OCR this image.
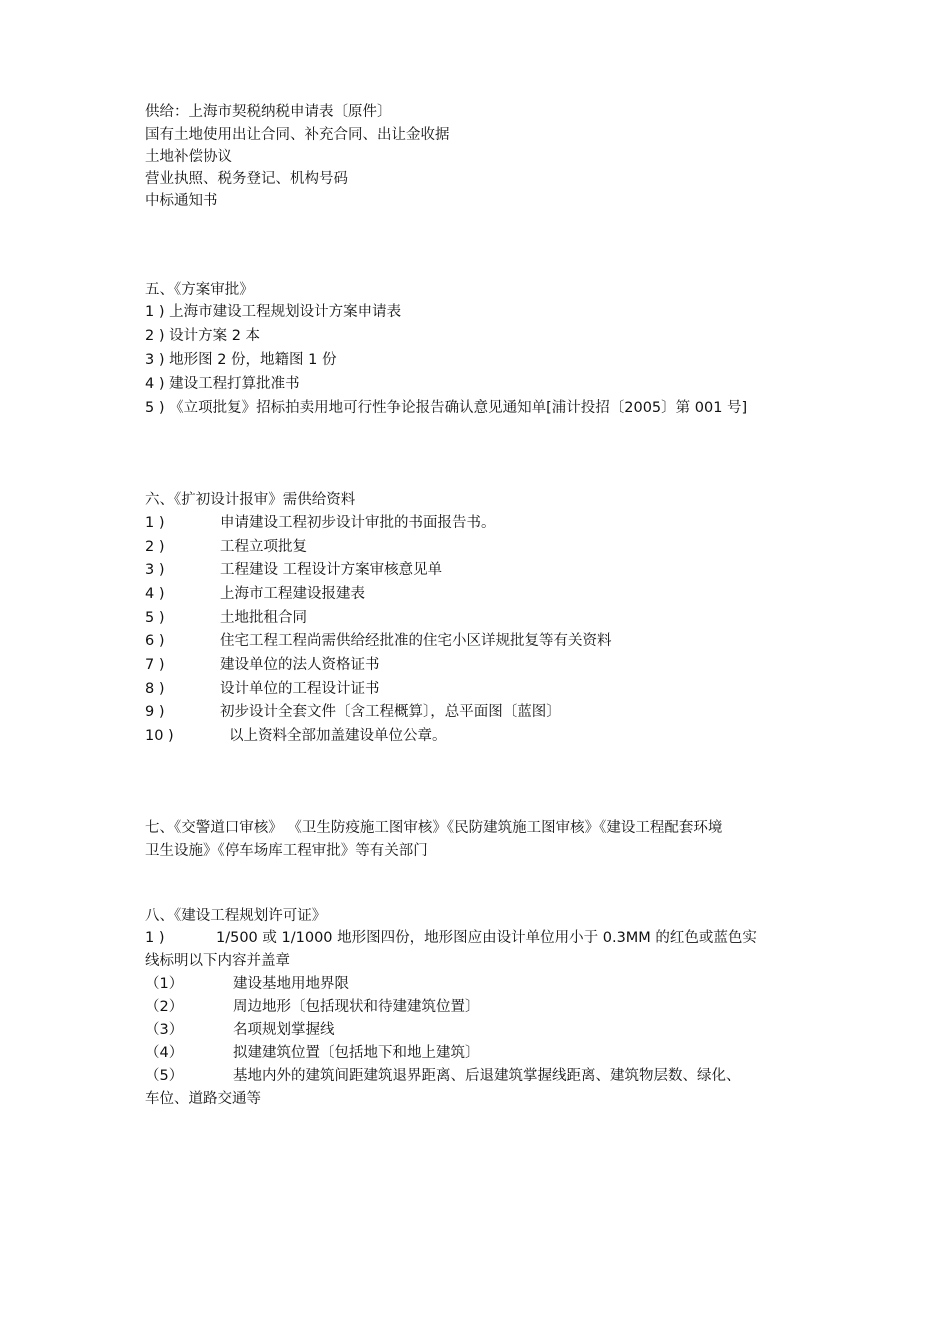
供给：上海市契税纳税申请表〔原件〕
国有土地使用出让合同、补充合同、出让金收据
土地补偿协议
营业执照、税务登记、机构号码
中标通知书
五、《方案审批》
1 ) 上海市建设工程规划设计方案申请表
2 ) 设计方案 2 本
3 ) 地形图 2 份，地籍图 1 份
4 ) 建设工程打算批准书
5 ) 《立项批复》招标拍卖用地可行性争论报告确认意见通知单[浦计投招〔2005〕第 001 号]
六、《扩初设计报审》需供给资料
1 )	申请建设工程初步设计审批的书面报告书。
2 )	工程立项批复
3 )	工程建设 工程设计方案审核意见单
4 )	上海市工程建设报建表
5 )	土地批租合同
6 )	住宅工程工程尚需供给经批准的住宅小区详规批复等有关资料
7 )	建设单位的法人资格证书
8 )	设计单位的工程设计证书
9 )	初步设计全套文件〔含工程概算〕，总平面图〔蓝图〕
10 )	以上资料全部加盖建设单位公章。
七、《交警道口审核》 《卫生防疫施工图审核》《民防建筑施工图审核》《建设工程配套环境
卫生设施》《停车场库工程审批》等有关部门
八、《建设工程规划许可证》
1 )	1/500 或 1/1000 地形图四份，地形图应由设计单位用小于 0.3MM 的红色或蓝色实
线标明以下内容并盖章
（1）	建设基地用地界限
（2）	周边地形〔包括现状和待建建筑位置〕
（3）	名项规划掌握线
（4）	拟建建筑位置〔包括地下和地上建筑〕
（5）	基地内外的建筑间距建筑退界距离、后退建筑掌握线距离、建筑物层数、绿化、
车位、道路交通等
